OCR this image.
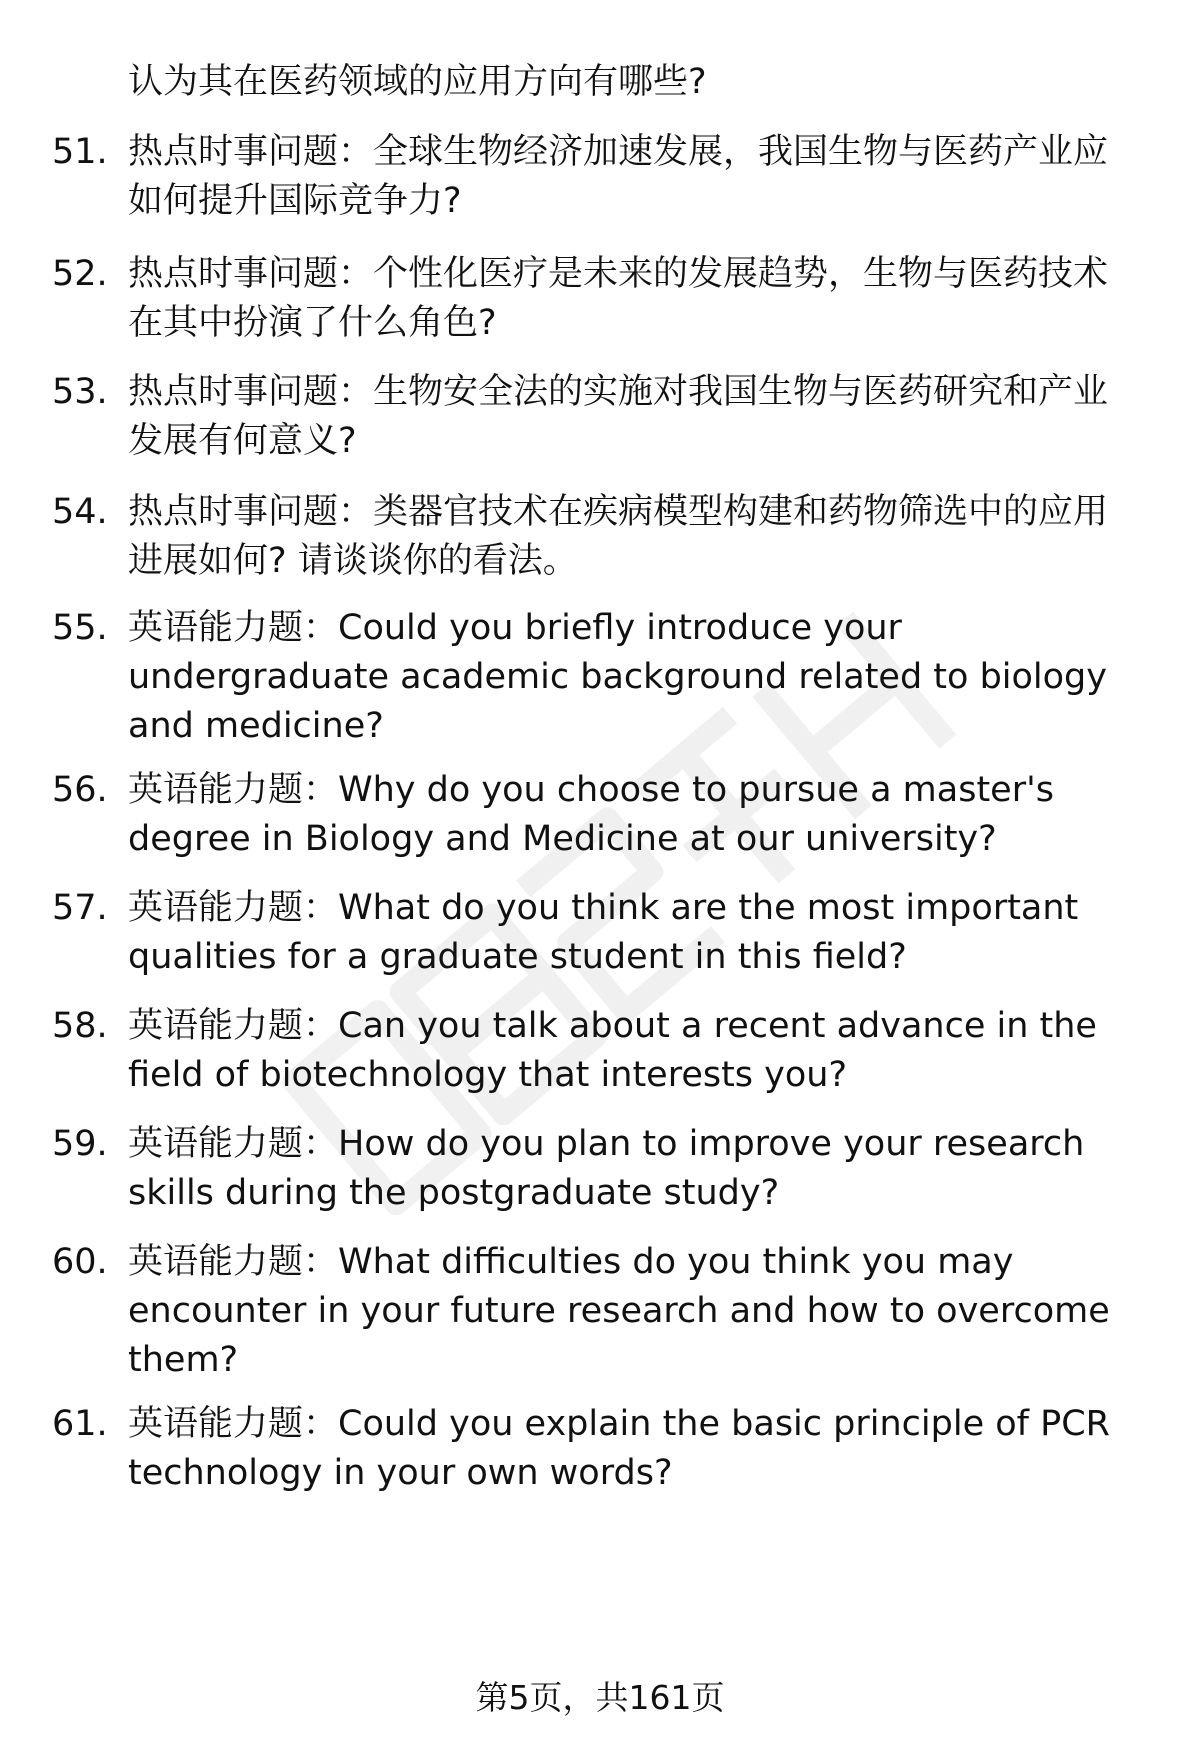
认为其在医药领域的应用方向有哪些?
51. 热点时事问题：全球生物经济加速发展，我国生物与医药产业应如何提升国际竞争力?
52. 热点时事问题：个性化医疗是未来的发展趋势，生物与医药技术在其中扮演了什么角色?
53. 热点时事问题：生物安全法的实施对我国生物与医药研究和产业发展有何意义?
54. 热点时事问题：类器官技术在疾病模型构建和药物筛选中的应用进展如何? 请谈谈你的看法。
55. 英语能力题：Could you briefly introduce your undergraduate academic background related to biology and medicine?
56. 英语能力题：Why do you choose to pursue a master's degree in Biology and Medicine at our university?
57. 英语能力题：What do you think are the most important qualities for a graduate student in this field?
58. 英语能力题：Can you talk about a recent advance in the field of biotechnology that interests you?
59. 英语能力题：How do you plan to improve your research skills during the postgraduate study?
60. 英语能力题：What difficulties do you think you may encounter in your future research and how to overcome them?
61. 英语能力题：Could you explain the basic principle of PCR technology in your own words?
第5页，共161页
